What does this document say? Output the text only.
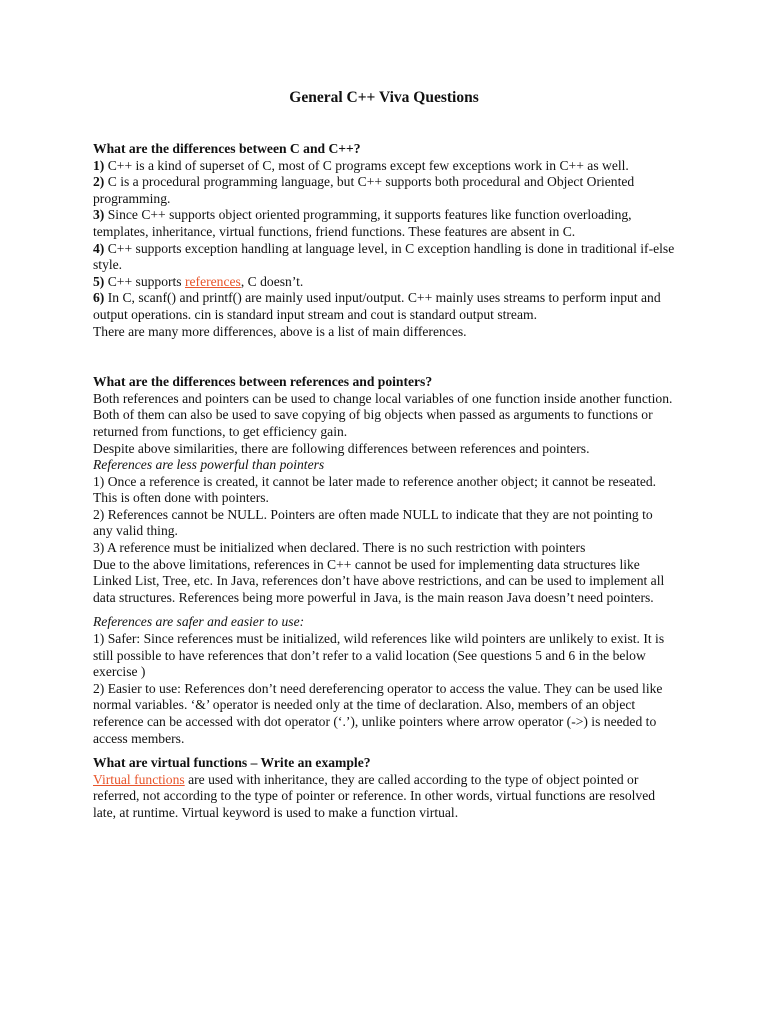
General C++ Viva Questions

What are the differences between C and C++?

1) C++ is a kind of superset of C, most of C programs except few exceptions work in C++ as well.

2) C is a procedural programming language, but C++ supports both procedural and Object Oriented programming.

3) Since C++ supports object oriented programming, it supports features like function overloading, templates, inheritance, virtual functions, friend functions. These features are absent in C.

4) C++ supports exception handling at language level, in C exception handling is done in traditional if-else style.

5) C++ supports references, C doesn’t.

6) In C, scanf() and printf() are mainly used input/output. C++ mainly uses streams to perform input and output operations. cin is standard input stream and cout is standard output stream.

There are many more differences, above is a list of main differences.

What are the differences between references and pointers?

Both references and pointers can be used to change local variables of one function inside another function. Both of them can also be used to save copying of big objects when passed as arguments to functions or returned from functions, to get efficiency gain.

Despite above similarities, there are following differences between references and pointers.

References are less powerful than pointers

1) Once a reference is created, it cannot be later made to reference another object; it cannot be reseated. This is often done with pointers.

2) References cannot be NULL. Pointers are often made NULL to indicate that they are not pointing to any valid thing.

3) A reference must be initialized when declared. There is no such restriction with pointers

Due to the above limitations, references in C++ cannot be used for implementing data structures like Linked List, Tree, etc. In Java, references don’t have above restrictions, and can be used to implement all data structures. References being more powerful in Java, is the main reason Java doesn’t need pointers.

References are safer and easier to use:

1) Safer: Since references must be initialized, wild references like wild pointers are unlikely to exist. It is still possible to have references that don’t refer to a valid location (See questions 5 and 6 in the below exercise )

2) Easier to use: References don’t need dereferencing operator to access the value. They can be used like normal variables. ‘&’ operator is needed only at the time of declaration. Also, members of an object reference can be accessed with dot operator (‘.’), unlike pointers where arrow operator (->) is needed to access members.

What are virtual functions – Write an example?

Virtual functions are used with inheritance, they are called according to the type of object pointed or referred, not according to the type of pointer or reference. In other words, virtual functions are resolved late, at runtime. Virtual keyword is used to make a function virtual.
